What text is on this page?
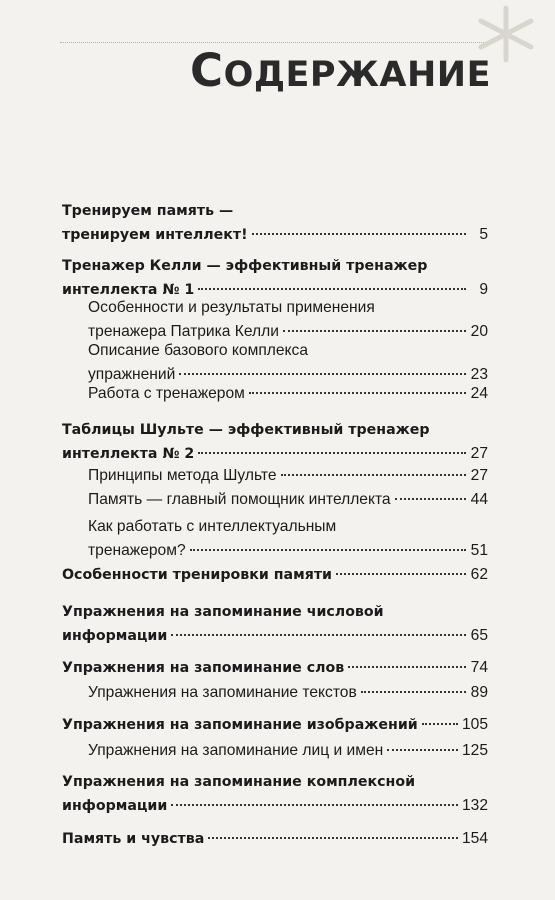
СОДЕРЖАНИЕ
Тренируем память —
тренируем интеллект!	5
Тренажер Келли — эффективный тренажер
интеллекта № 1	9
Особенности и результаты применения
тренажера Патрика Келли	20
Описание базового комплекса
упражнений	23
Работа с тренажером	24
Таблицы Шульте — эффективный тренажер
интеллекта № 2	27
Принципы метода Шульте	27
Память — главный помощник интеллекта	44
Как работать с интеллектуальным
тренажером?	51
Особенности тренировки памяти	62
Упражнения на запоминание числовой
информации	65
Упражнения на запоминание слов	74
Упражнения на запоминание текстов	89
Упражнения на запоминание изображений	105
Упражнения на запоминание лиц и имен	125
Упражнения на запоминание комплексной
информации	132
Память и чувства	154
